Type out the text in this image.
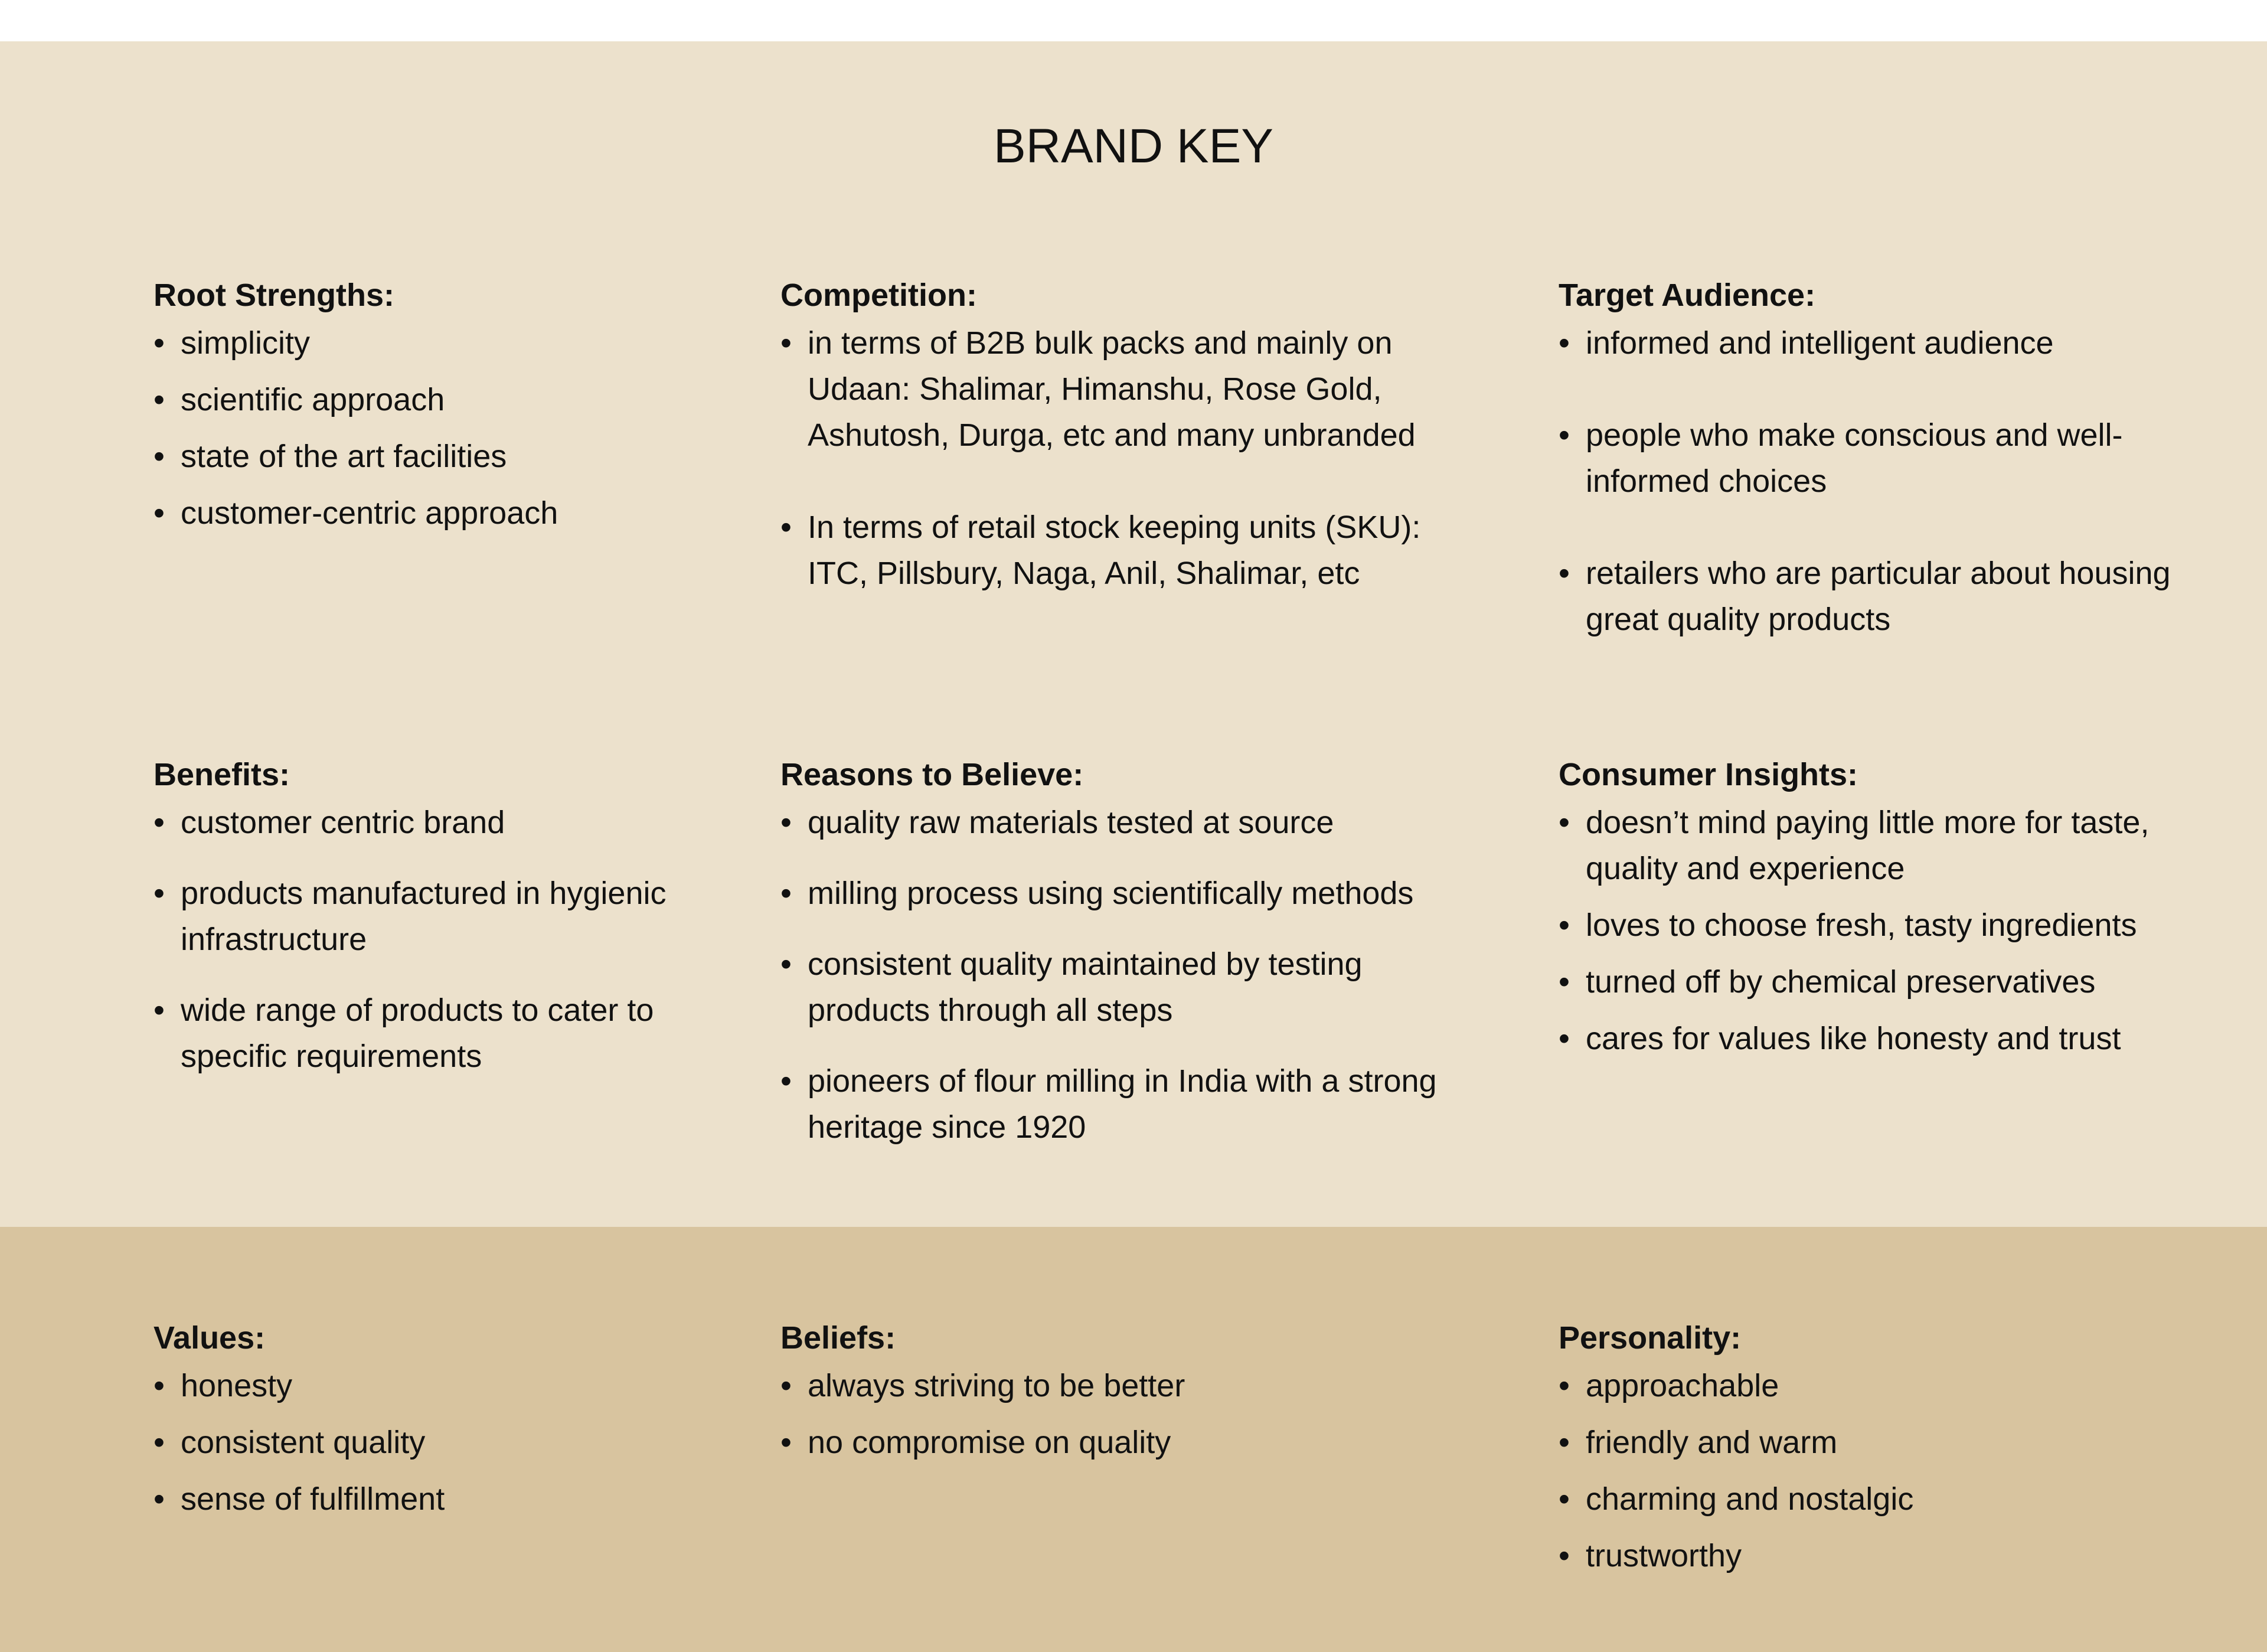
BRAND KEY
Root Strengths:
• simplicity
• scientific approach
• state of the art facilities
• customer-centric approach
Competition:
• in terms of B2B bulk packs and mainly on Udaan: Shalimar, Himanshu, Rose Gold, Ashutosh, Durga, etc and many unbranded
• In terms of retail stock keeping units (SKU): ITC, Pillsbury, Naga, Anil, Shalimar, etc
Target Audience:
• informed and intelligent audience
• people who make conscious and well-informed choices
• retailers who are particular about housing great quality products
Benefits:
• customer centric brand
• products manufactured in hygienic infrastructure
• wide range of products to cater to specific requirements
Reasons to Believe:
• quality raw materials tested at source
• milling process using scientifically methods
• consistent quality maintained by testing products through all steps
• pioneers of flour milling in India with a strong heritage since 1920
Consumer Insights:
• doesn’t mind paying little more for taste, quality and experience
• loves to choose fresh, tasty ingredients
• turned off by chemical preservatives
• cares for values like honesty and trust
Values:
• honesty
• consistent quality
• sense of fulfillment
Beliefs:
• always striving to be better
• no compromise on quality
Personality:
• approachable
• friendly and warm
• charming and nostalgic
• trustworthy
